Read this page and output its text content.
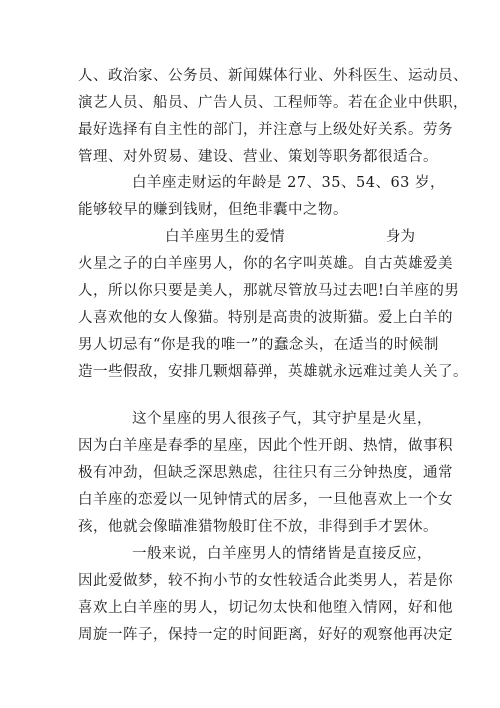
人、政治家、公务员、新闻媒体行业、外科医生、运动员、
演艺人员、船员、广告人员、工程师等。若在企业中供职，
最好选择有自主性的部门，并注意与上级处好关系。劳务
管理、对外贸易、建设、营业、策划等职务都很适合。
白羊座走财运的年龄是 27、35、54、63 岁，
能够较早的赚到钱财，但绝非囊中之物。
白羊座男生的爱情	身为
火星之子的白羊座男人，你的名字叫英雄。自古英雄爱美
人，所以你只要是美人，那就尽管放马过去吧!白羊座的男
人喜欢他的女人像猫。特别是高贵的波斯猫。爱上白羊的
男人切忌有“你是我的唯一”的蠢念头，在适当的时候制
造一些假敌，安排几颗烟幕弹，英雄就永远难过美人关了。
这个星座的男人很孩子气，其守护星是火星，
因为白羊座是春季的星座，因此个性开朗、热情，做事积
极有冲劲，但缺乏深思熟虑，往往只有三分钟热度，通常
白羊座的恋爱以一见钟情式的居多，一旦他喜欢上一个女
孩，他就会像瞄准猎物般盯住不放，非得到手才罢休。
一般来说，白羊座男人的情绪皆是直接反应，
因此爱做梦，较不拘小节的女性较适合此类男人，若是你
喜欢上白羊座的男人，切记勿太快和他堕入情网，好和他
周旋一阵子，保持一定的时间距离，好好的观察他再决定
